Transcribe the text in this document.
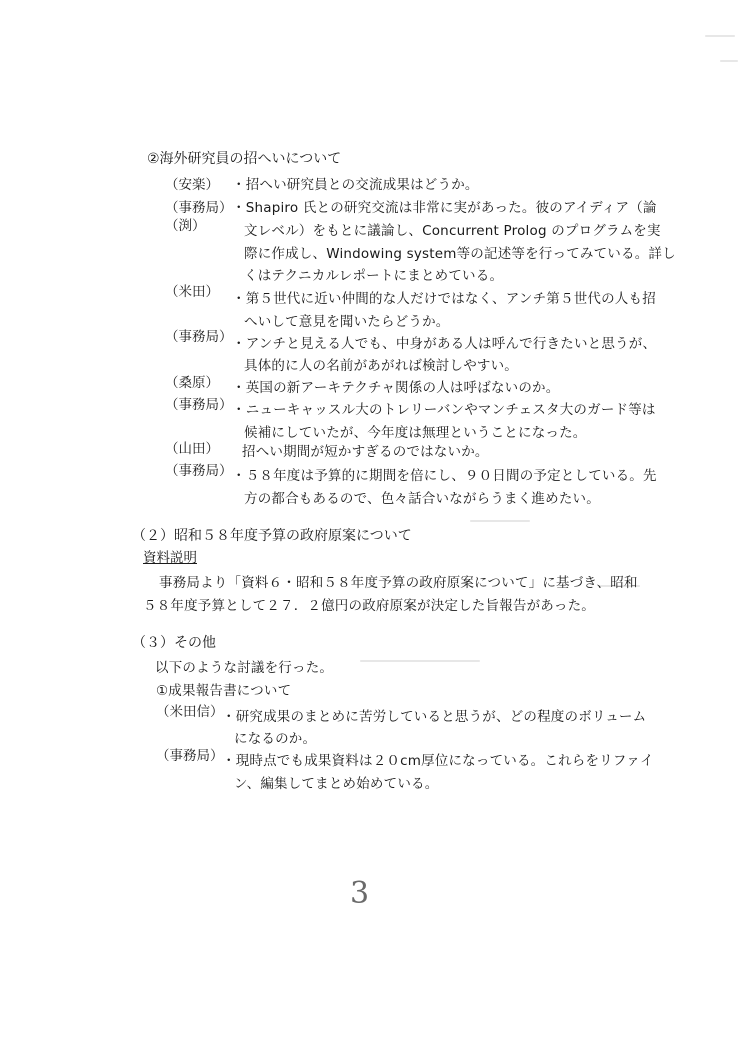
②海外研究員の招へいについて
（安楽） ・招へい研究員との交流成果はどうか。
（事務局）
（渕）
・Shapiro 氏との研究交流は非常に実があった。彼のアイディア（論
文レベル）をもとに議論し、Concurrent Prolog のプログラムを実
際に作成し、Windowing system等の記述等を行ってみている。詳し
くはテクニカルレポートにまとめている。
（米田） ・第５世代に近い仲間的な人だけではなく、アンチ第５世代の人も招
へいして意見を聞いたらどうか。
（事務局） ・アンチと見える人でも、中身がある人は呼んで行きたいと思うが、
具体的に人の名前があがれば検討しやすい。
（桑原） ・英国の新アーキテクチャ関係の人は呼ばないのか。
（事務局） ・ニューキャッスル大のトレリーバンやマンチェスタ大のガード等は
候補にしていたが、今年度は無理ということになった。
（山田） 招へい期間が短かすぎるのではないか。
（事務局） ・５８年度は予算的に期間を倍にし、９０日間の予定としている。先
方の都合もあるので、色々話合いながらうまく進めたい。
（２）昭和５８年度予算の政府原案について
資料説明
事務局より「資料６・昭和５８年度予算の政府原案について」に基づき、昭和
５８年度予算として２７．２億円の政府原案が決定した旨報告があった。
（３）その他
以下のような討議を行った。
①成果報告書について
（米田信）
・研究成果のまとめに苦労していると思うが、どの程度のボリューム
になるのか。
（事務局）
・現時点でも成果資料は２０cm厚位になっている。これらをリファイ
ン、編集してまとめ始めている。
3
